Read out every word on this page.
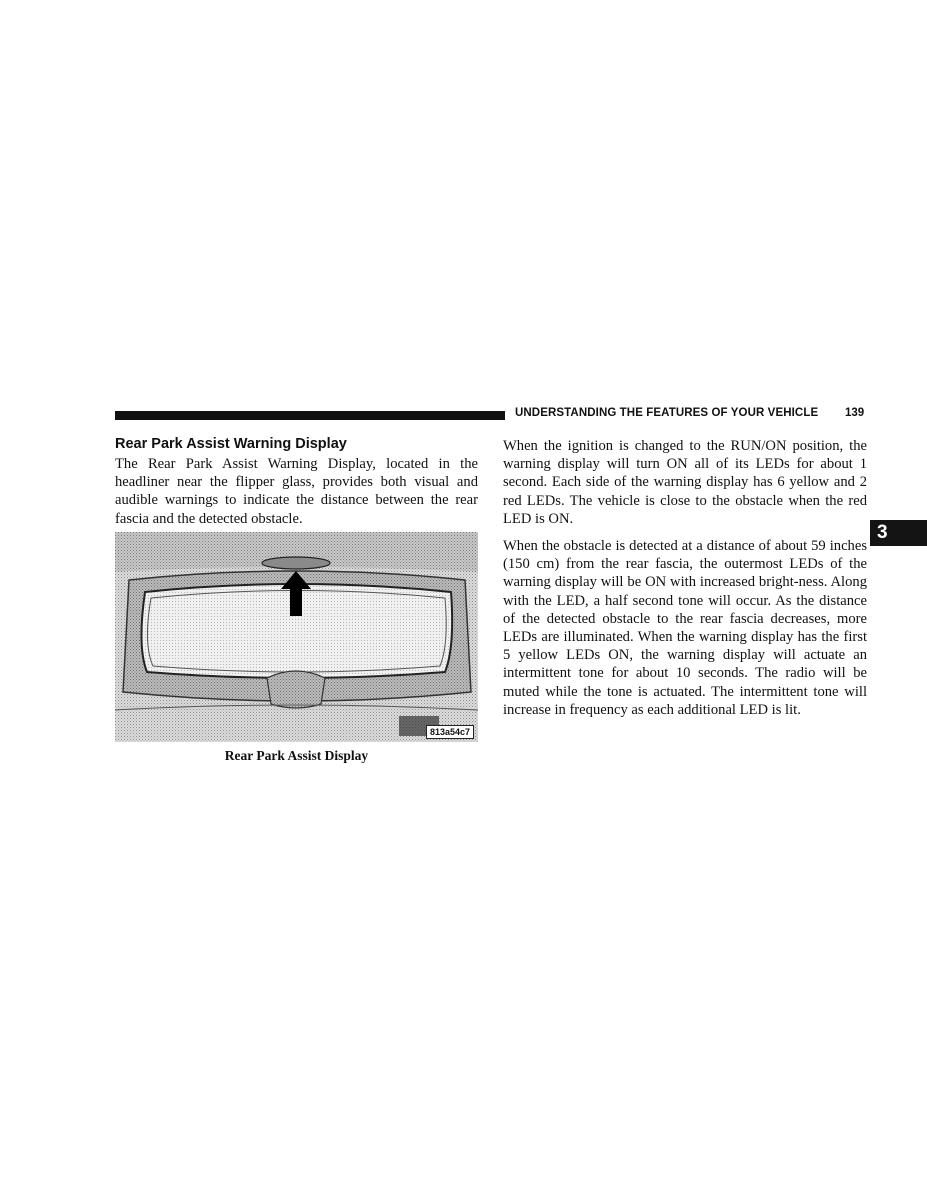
UNDERSTANDING THE FEATURES OF YOUR VEHICLE 139
3
Rear Park Assist Warning Display

The Rear Park Assist Warning Display, located in the headliner near the flipper glass, provides both visual and audible warnings to indicate the distance between the rear fascia and the detected obstacle.

813a54c7
Rear Park Assist Display

When the ignition is changed to the RUN/ON position, the warning display will turn ON all of its LEDs for about 1 second. Each side of the warning display has 6 yellow and 2 red LEDs. The vehicle is close to the obstacle when the red LED is ON.

When the obstacle is detected at a distance of about 59 inches (150 cm) from the rear fascia, the outermost LEDs of the warning display will be ON with increased bright-ness. Along with the LED, a half second tone will occur. As the distance of the detected obstacle to the rear fascia decreases, more LEDs are illuminated. When the warning display has the first 5 yellow LEDs ON, the warning display will actuate an intermittent tone for about 10 seconds. The radio will be muted while the tone is actuated. The intermittent tone will increase in frequency as each additional LED is lit.
